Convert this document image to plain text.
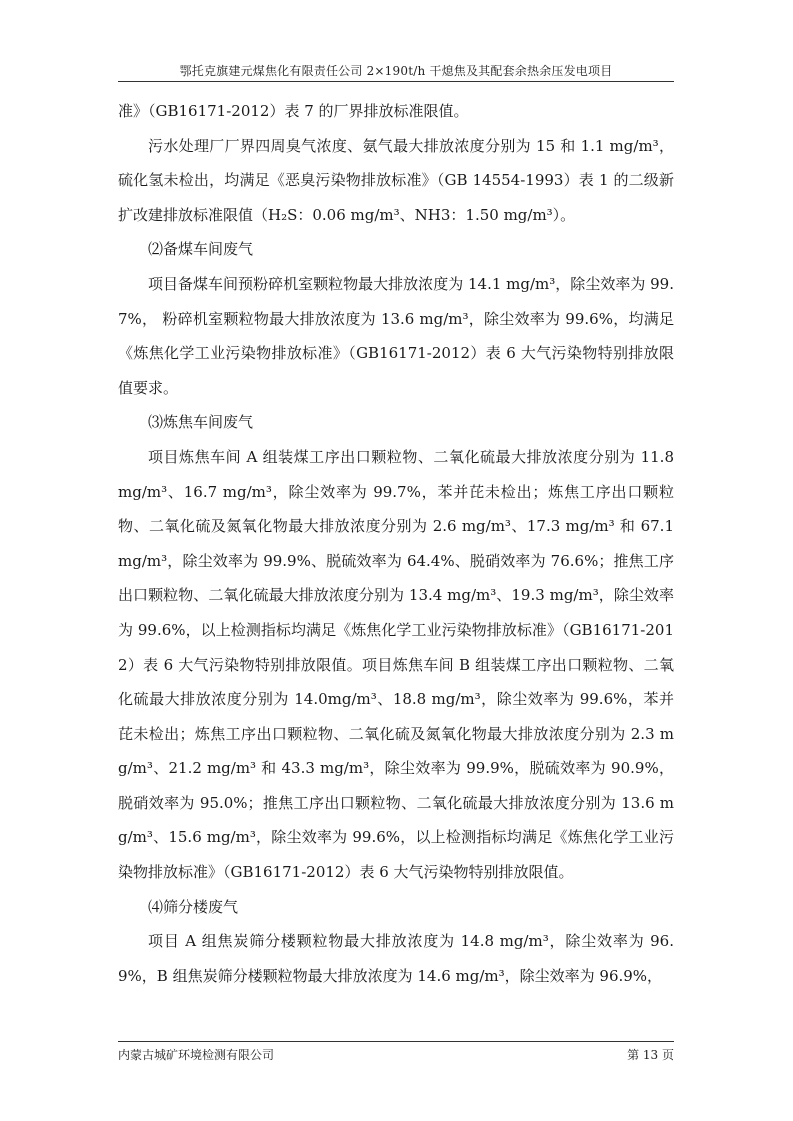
鄂托克旗建元煤焦化有限责任公司 2×190t/h 干熄焦及其配套余热余压发电项目

准》（GB16171-2012）表 7 的厂界排放标准限值。

污水处理厂厂界四周臭气浓度、氨气最大排放浓度分别为 15 和 1.1 mg/m³，硫化氢未检出，均满足《恶臭污染物排放标准》（GB 14554-1993）表 1 的二级新扩改建排放标准限值（H₂S：0.06 mg/m³、NH3：1.50 mg/m³）。

⑵备煤车间废气

项目备煤车间预粉碎机室颗粒物最大排放浓度为 14.1 mg/m³，除尘效率为 99.7%， 粉碎机室颗粒物最大排放浓度为 13.6 mg/m³，除尘效率为 99.6%，均满足《炼焦化学工业污染物排放标准》（GB16171-2012）表 6 大气污染物特别排放限值要求。

⑶炼焦车间废气

项目炼焦车间 A 组装煤工序出口颗粒物、二氧化硫最大排放浓度分别为 11.8 mg/m³、16.7 mg/m³，除尘效率为 99.7%，苯并芘未检出；炼焦工序出口颗粒物、二氧化硫及氮氧化物最大排放浓度分别为 2.6 mg/m³、17.3 mg/m³ 和 67.1 mg/m³，除尘效率为 99.9%、脱硫效率为 64.4%、脱硝效率为 76.6%；推焦工序出口颗粒物、二氧化硫最大排放浓度分别为 13.4 mg/m³、19.3 mg/m³，除尘效率为 99.6%，以上检测指标均满足《炼焦化学工业污染物排放标准》（GB16171-2012）表 6 大气污染物特别排放限值。项目炼焦车间 B 组装煤工序出口颗粒物、二氧化硫最大排放浓度分别为 14.0mg/m³、18.8 mg/m³，除尘效率为 99.6%，苯并芘未检出；炼焦工序出口颗粒物、二氧化硫及氮氧化物最大排放浓度分别为 2.3 mg/m³、21.2 mg/m³ 和 43.3 mg/m³，除尘效率为 99.9%，脱硫效率为 90.9%，脱硝效率为 95.0%；推焦工序出口颗粒物、二氧化硫最大排放浓度分别为 13.6 mg/m³、15.6 mg/m³，除尘效率为 99.6%，以上检测指标均满足《炼焦化学工业污染物排放标准》（GB16171-2012）表 6 大气污染物特别排放限值。

⑷筛分楼废气

项目 A 组焦炭筛分楼颗粒物最大排放浓度为 14.8 mg/m³，除尘效率为 96.9%，B 组焦炭筛分楼颗粒物最大排放浓度为 14.6 mg/m³，除尘效率为 96.9%，

内蒙古城矿环境检测有限公司	第 13 页
